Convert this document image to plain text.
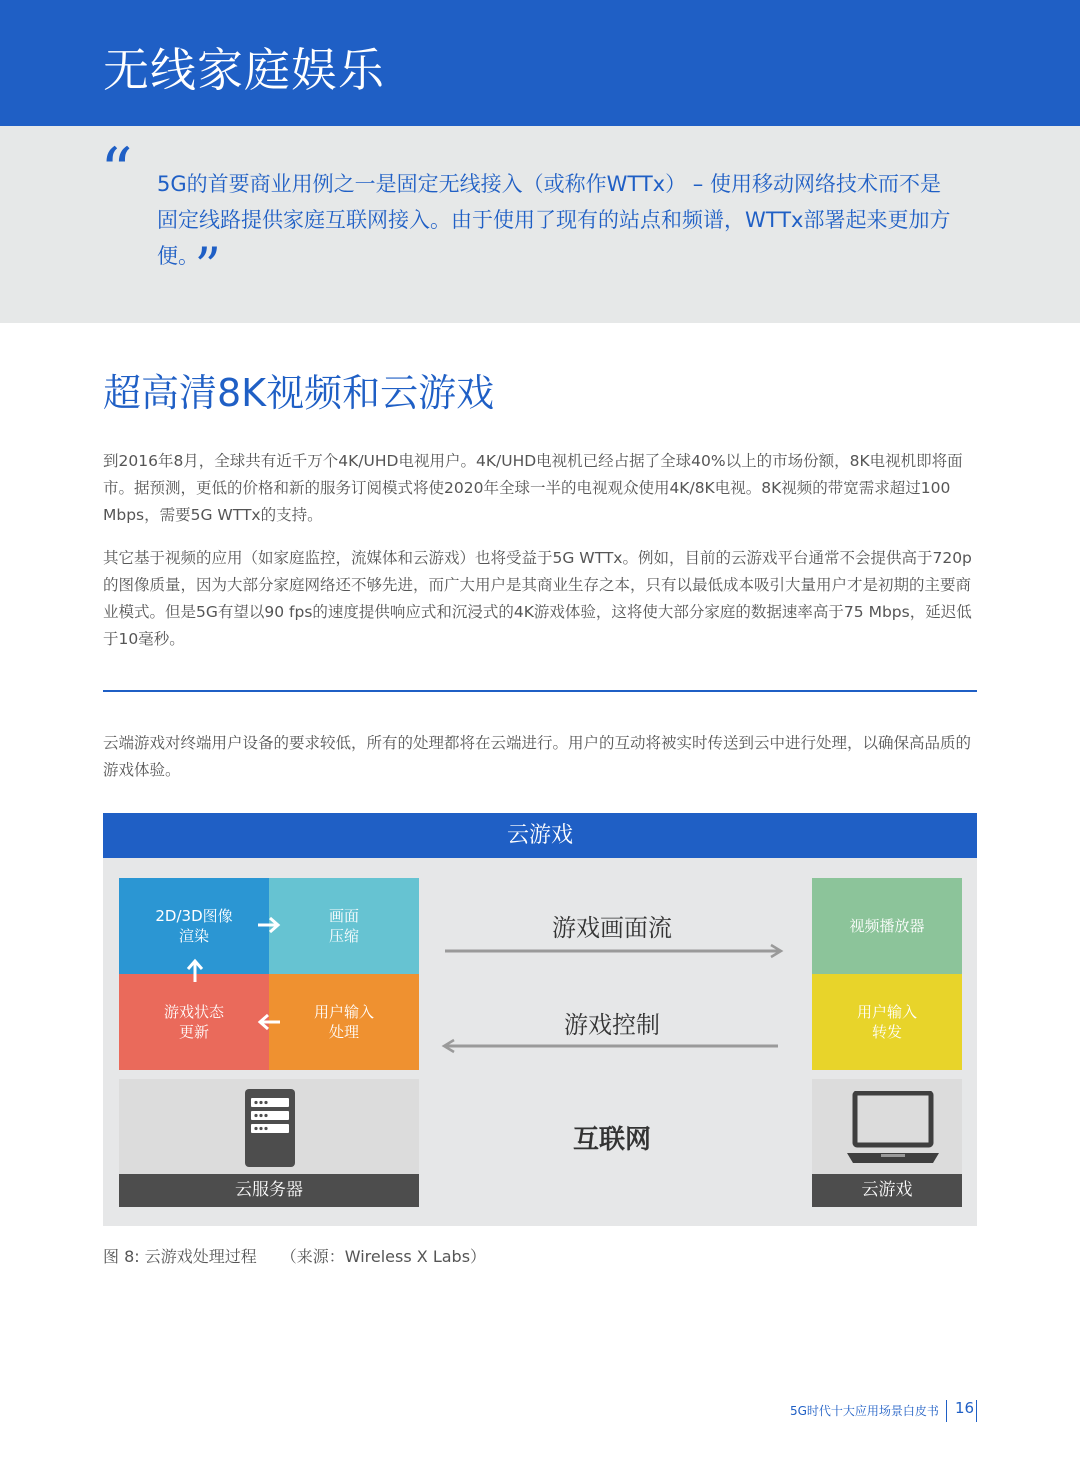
无线家庭娱乐
“ 5G的首要商业用例之一是固定无线接入（或称作WTTx） – 使用移动网络技术而不是固定线路提供家庭互联网接入。由于使用了现有的站点和频谱，WTTx部署起来更加方便。 ”
超高清8K视频和云游戏

到2016年8月，全球共有近千万个4K/UHD电视用户。4K/UHD电视机已经占据了全球40%以上的市场份额，8K电视机即将面市。据预测，更低的价格和新的服务订阅模式将使2020年全球一半的电视观众使用4K/8K电视。8K视频的带宽需求超过100 Mbps，需要5G WTTx的支持。

其它基于视频的应用（如家庭监控，流媒体和云游戏）也将受益于5G WTTx。例如，目前的云游戏平台通常不会提供高于720p的图像质量，因为大部分家庭网络还不够先进，而广大用户是其商业生存之本，只有以最低成本吸引大量用户才是初期的主要商业模式。但是5G有望以90 fps的速度提供响应式和沉浸式的4K游戏体验，这将使大部分家庭的数据速率高于75 Mbps，延迟低于10毫秒。

云端游戏对终端用户设备的要求较低，所有的处理都将在云端进行。用户的互动将被实时传送到云中进行处理，以确保高品质的游戏体验。

云游戏
2D/3D图像
渲染
画面
压缩
游戏状态
更新
用户输入
处理
游戏画面流
游戏控制
视频播放器
用户输入
转发
云服务器
互联网
云游戏
图 8: 云游戏处理过程　　（来源：Wireless X Labs）
5G时代十大应用场景白皮书 16
